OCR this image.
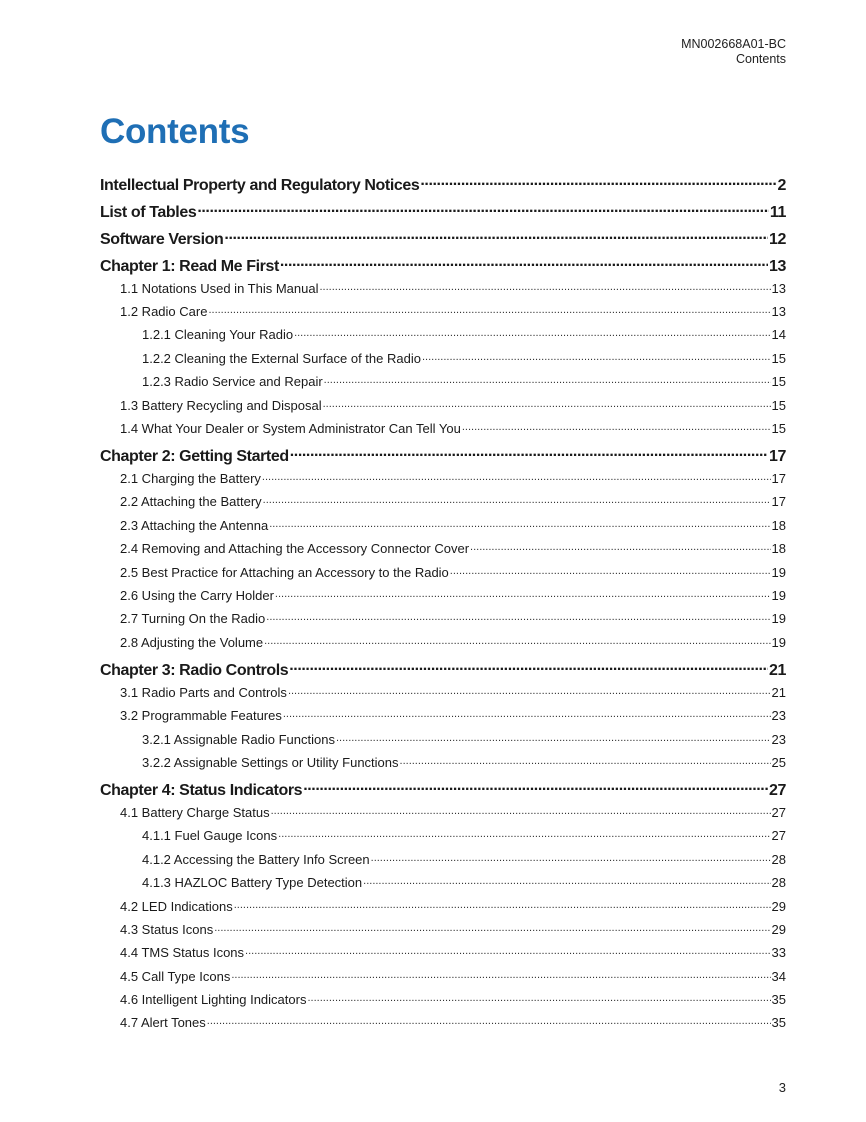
MN002668A01-BC
Contents
Contents
Intellectual Property and Regulatory Notices .....	2
List of Tables .....	11
Software Version .....	12
Chapter 1: Read Me First .....	13
1.1 Notations Used in This Manual .....	13
1.2 Radio Care .....	13
1.2.1 Cleaning Your Radio .....	14
1.2.2 Cleaning the External Surface of the Radio .....	15
1.2.3 Radio Service and Repair .....	15
1.3 Battery Recycling and Disposal .....	15
1.4 What Your Dealer or System Administrator Can Tell You .....	15
Chapter 2: Getting Started .....	17
2.1 Charging the Battery .....	17
2.2 Attaching the Battery .....	17
2.3 Attaching the Antenna .....	18
2.4 Removing and Attaching the Accessory Connector Cover .....	18
2.5 Best Practice for Attaching an Accessory to the Radio .....	19
2.6 Using the Carry Holder .....	19
2.7 Turning On the Radio .....	19
2.8 Adjusting the Volume .....	19
Chapter 3: Radio Controls .....	21
3.1 Radio Parts and Controls .....	21
3.2 Programmable Features .....	23
3.2.1 Assignable Radio Functions .....	23
3.2.2 Assignable Settings or Utility Functions .....	25
Chapter 4: Status Indicators .....	27
4.1 Battery Charge Status .....	27
4.1.1 Fuel Gauge Icons .....	27
4.1.2 Accessing the Battery Info Screen .....	28
4.1.3 HAZLOC Battery Type Detection .....	28
4.2 LED Indications .....	29
4.3 Status Icons .....	29
4.4 TMS Status Icons .....	33
4.5 Call Type Icons .....	34
4.6 Intelligent Lighting Indicators .....	35
4.7 Alert Tones .....	35
3
